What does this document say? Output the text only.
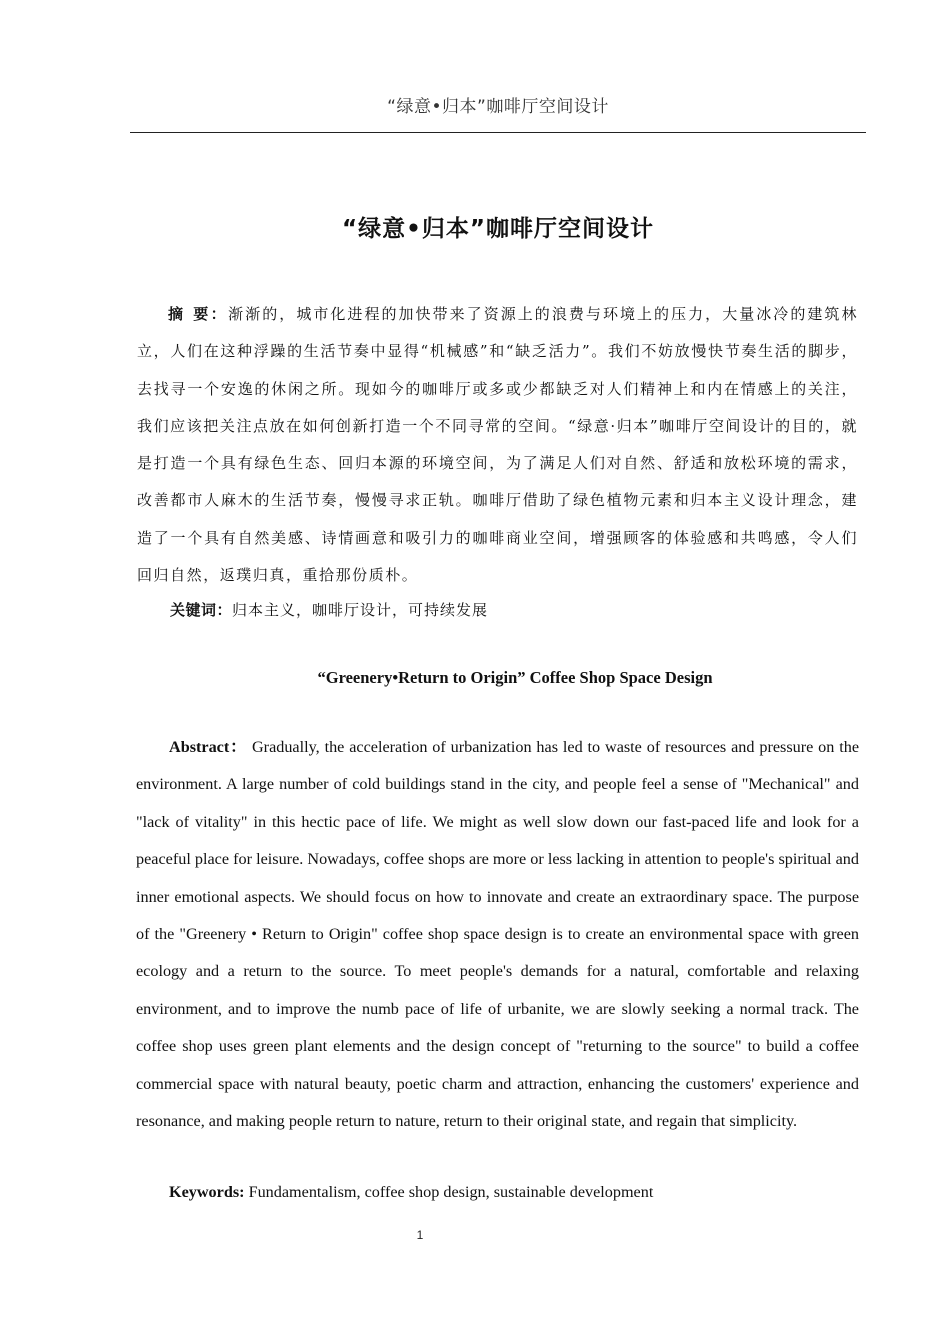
“绿意•归本”咖啡厅空间设计
“绿意•归本”咖啡厅空间设计

摘 要：渐渐的，城市化进程的加快带来了资源上的浪费与环境上的压力，大量冰冷的建筑林立，人们在这种浮躁的生活节奏中显得“机械感”和“缺乏活力”。我们不妨放慢快节奏生活的脚步，去找寻一个安逸的休闲之所。现如今的咖啡厅或多或少都缺乏对人们精神上和内在情感上的关注，我们应该把关注点放在如何创新打造一个不同寻常的空间。“绿意·归本”咖啡厅空间设计的目的，就是打造一个具有绿色生态、回归本源的环境空间，为了满足人们对自然、舒适和放松环境的需求，改善都市人麻木的生活节奏，慢慢寻求正轨。咖啡厅借助了绿色植物元素和归本主义设计理念，建造了一个具有自然美感、诗情画意和吸引力的咖啡商业空间，增强顾客的体验感和共鸣感，令人们回归自然，返璞归真，重拾那份质朴。

关键词：归本主义，咖啡厅设计，可持续发展

“Greenery•Return to Origin” Coffee Shop Space Design

Abstract： Gradually, the acceleration of urbanization has led to waste of resources and pressure on the environment. A large number of cold buildings stand in the city, and people feel a sense of "Mechanical" and "lack of vitality" in this hectic pace of life. We might as well slow down our fast-paced life and look for a peaceful place for leisure. Nowadays, coffee shops are more or less lacking in attention to people's spiritual and inner emotional aspects. We should focus on how to innovate and create an extraordinary space. The purpose of the "Greenery • Return to Origin" coffee shop space design is to create an environmental space with green ecology and a return to the source. To meet people's demands for a natural, comfortable and relaxing environment, and to improve the numb pace of life of urbanite, we are slowly seeking a normal track. The coffee shop uses green plant elements and the design concept of "returning to the source" to build a coffee commercial space with natural beauty, poetic charm and attraction, enhancing the customers' experience and resonance, and making people return to nature, return to their original state, and regain that simplicity.

Keywords: Fundamentalism, coffee shop design, sustainable development

1
